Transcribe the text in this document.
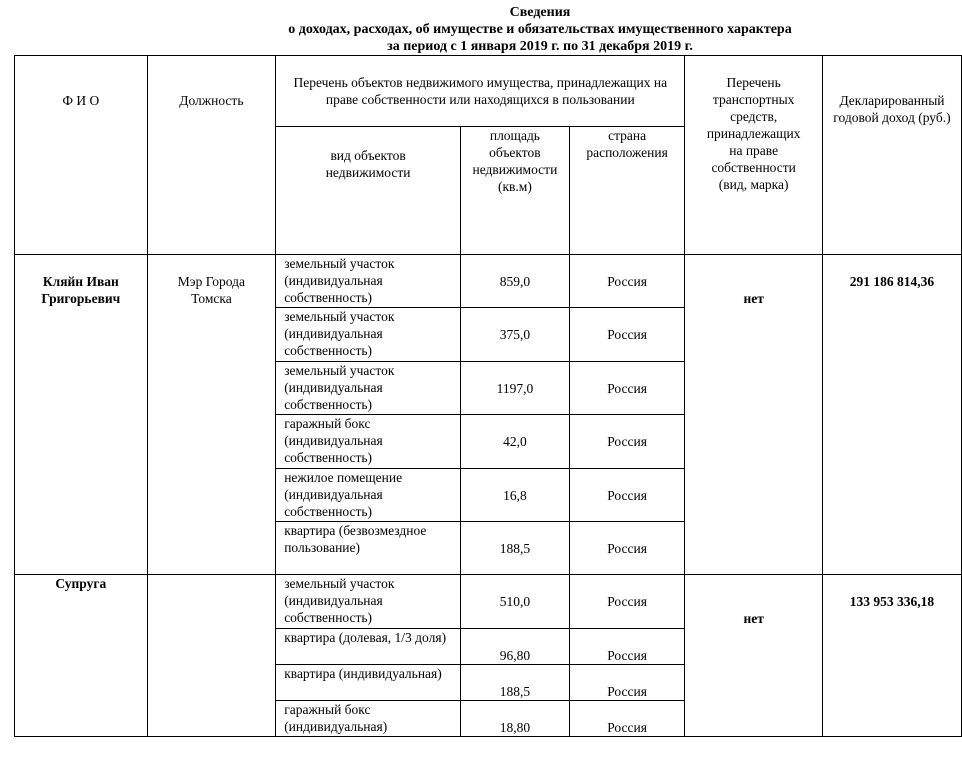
Сведения
о доходах, расходах, об имуществе и обязательствах имущественного характера
за период с 1 января 2019 г. по 31 декабря 2019 г.
Ф И О	Должность	Перечень объектов недвижимого имущества, принадлежащих на праве собственности или находящихся в пользовании			Перечень транспортных средств, принадлежащих на праве собственности (вид, марка)	Декларированный годовой доход (руб.)
		вид объектов недвижимости	площадь объектов недвижимости (кв.м)	страна расположения		
Кляйн Иван Григорьевич	Мэр Города Томска	земельный участок (индивидуальная собственность)	859,0	Россия	нет	291 186 814,36
		земельный участок (индивидуальная собственность)	375,0	Россия		
		земельный участок (индивидуальная собственность)	1197,0	Россия		
		гаражный бокс (индивидуальная собственность)	42,0	Россия		
		нежилое помещение (индивидуальная собственность)	16,8	Россия		
		квартира (безвозмездное пользование)	188,5	Россия		
Супруга		земельный участок (индивидуальная собственность)	510,0	Россия	нет	133 953 336,18
		квартира (долевая, 1/3 доля)	96,80	Россия		
		квартира (индивидуальная)	188,5	Россия		
		гаражный бокс (индивидуальная)	18,80	Россия		
